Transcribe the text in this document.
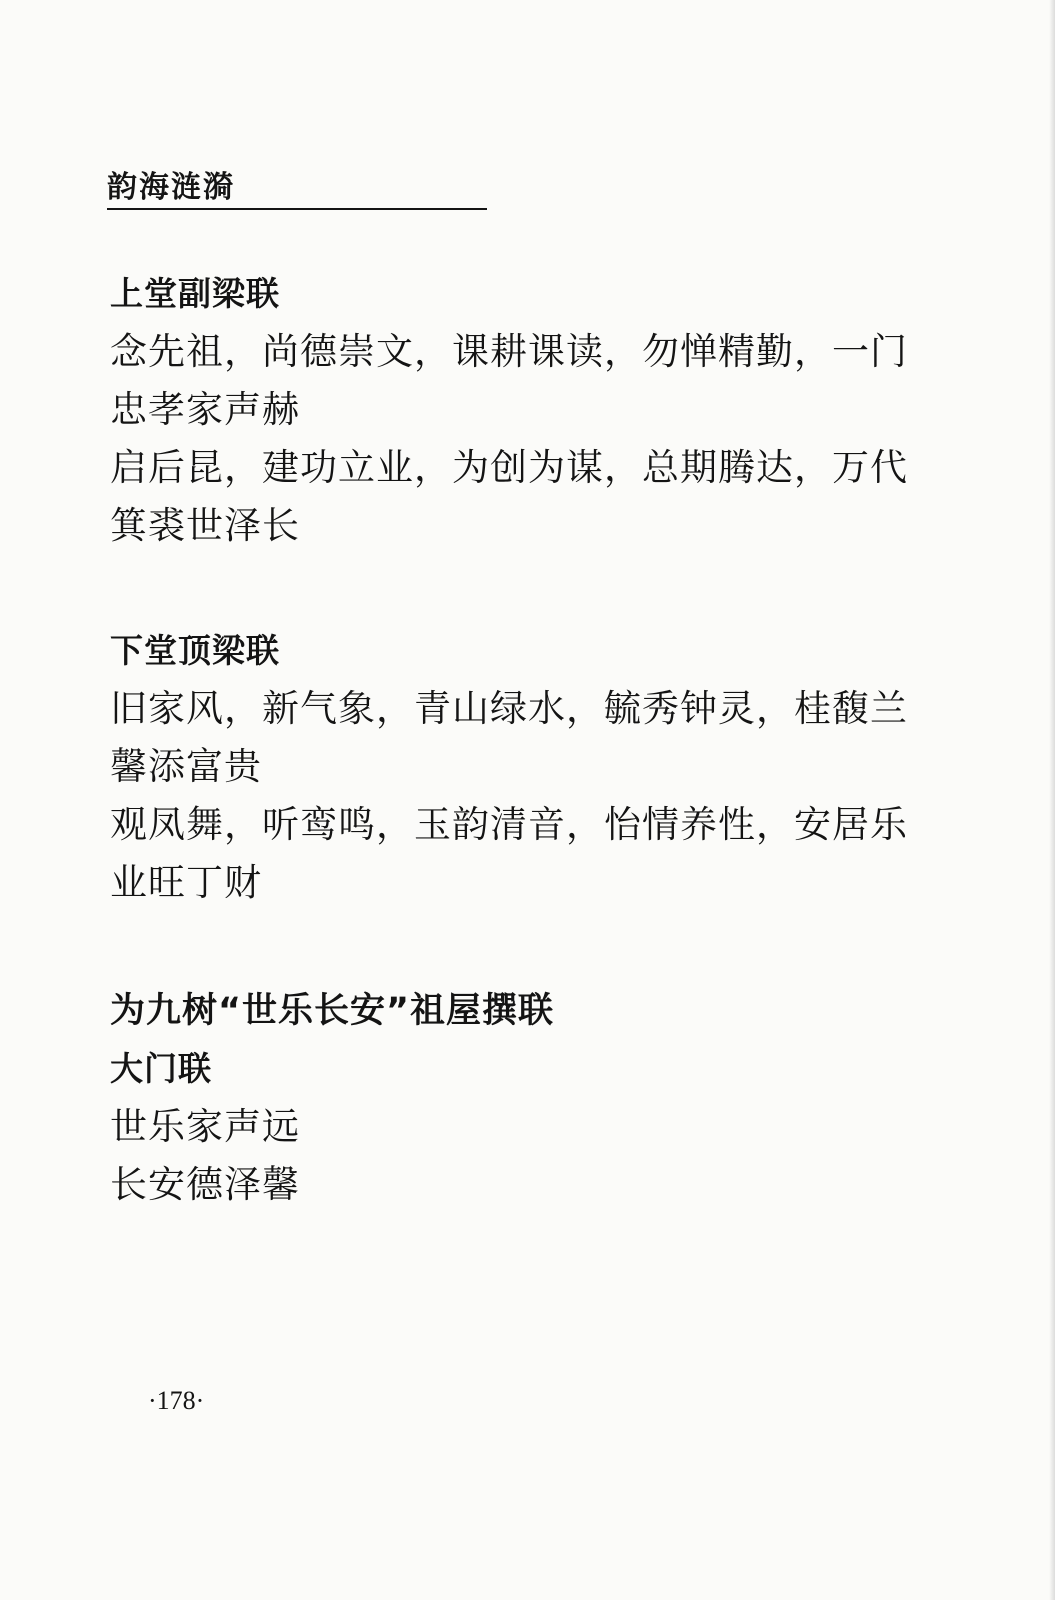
韵海涟漪
上堂副梁联
念先祖，尚德崇文，课耕课读，勿惮精勤，一门
忠孝家声赫
启后昆，建功立业，为创为谋，总期腾达，万代
箕裘世泽长
下堂顶梁联
旧家风，新气象，青山绿水，毓秀钟灵，桂馥兰
馨添富贵
观凤舞，听鸾鸣，玉韵清音，怡情养性，安居乐
业旺丁财
为九树“世乐长安”祖屋撰联
大门联
世乐家声远
长安德泽馨
·178·
